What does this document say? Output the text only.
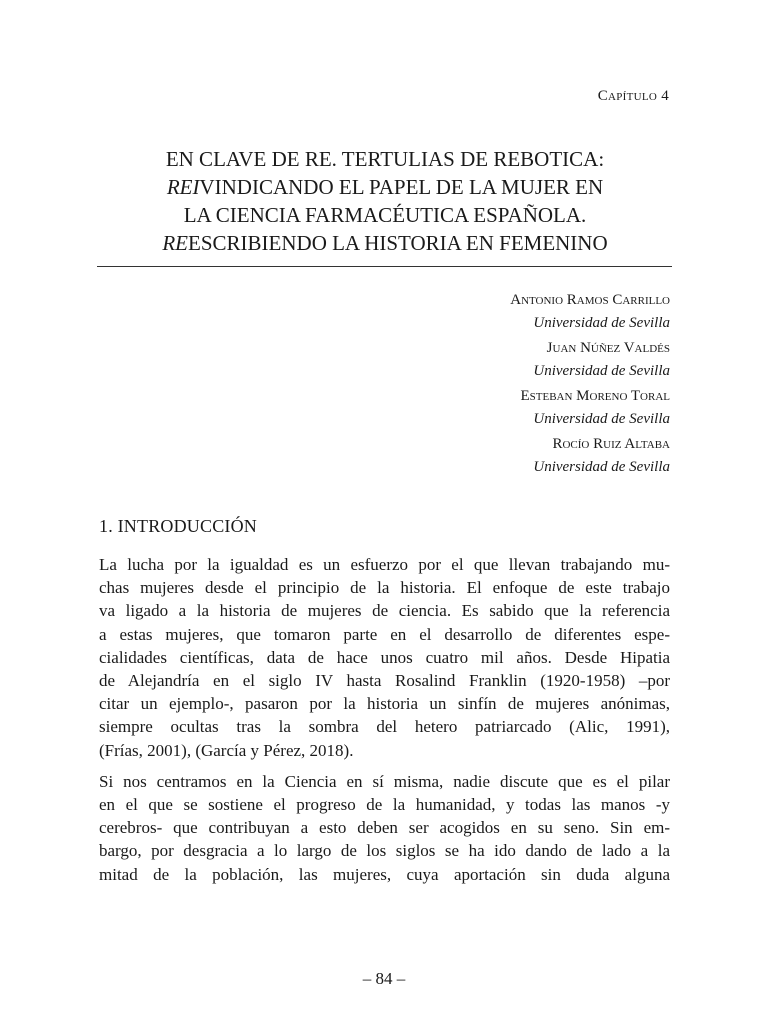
Capítulo 4
EN CLAVE DE RE. TERTULIAS DE REBOTICA:
REIVINDICANDO EL PAPEL DE LA MUJER EN
LA CIENCIA FARMACÉUTICA ESPAÑOLA.
REESCRIBIENDO LA HISTORIA EN FEMENINO
Antonio Ramos Carrillo
Universidad de Sevilla
Juan Núñez Valdés
Universidad de Sevilla
Esteban Moreno Toral
Universidad de Sevilla
Rocío Ruiz Altaba
Universidad de Sevilla
1. INTRODUCCIÓN

La lucha por la igualdad es un esfuerzo por el que llevan trabajando mu-
chas mujeres desde el principio de la historia. El enfoque de este trabajo
va ligado a la historia de mujeres de ciencia. Es sabido que la referencia
a estas mujeres, que tomaron parte en el desarrollo de diferentes espe-
cialidades científicas, data de hace unos cuatro mil años. Desde Hipatia
de Alejandría en el siglo IV hasta Rosalind Franklin (1920-1958) –por
citar un ejemplo-, pasaron por la historia un sinfín de mujeres anónimas,
siempre ocultas tras la sombra del hetero patriarcado (Alic, 1991),
(Frías, 2001), (García y Pérez, 2018).

Si nos centramos en la Ciencia en sí misma, nadie discute que es el pilar
en el que se sostiene el progreso de la humanidad, y todas las manos -y
cerebros- que contribuyan a esto deben ser acogidos en su seno. Sin em-
bargo, por desgracia a lo largo de los siglos se ha ido dando de lado a la
mitad de la población, las mujeres, cuya aportación sin duda alguna

– 84 –
